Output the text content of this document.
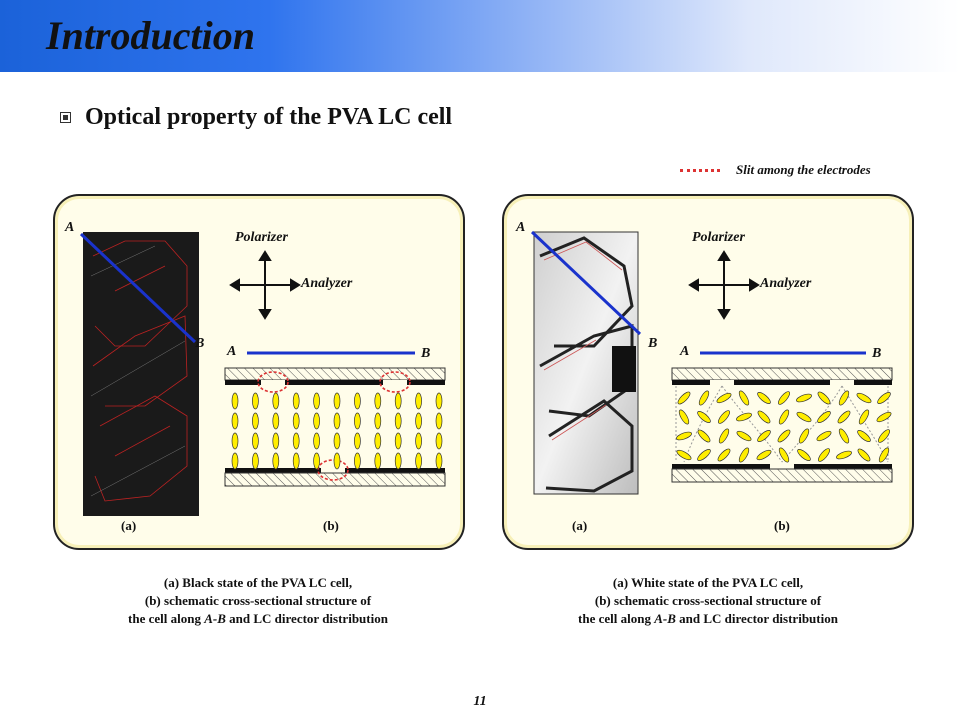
Introduction
Optical property of the PVA LC cell
Slit among the electrodes
A
B
Polarizer
Analyzer
A	B
(a)	(b)
A
B
Polarizer
Analyzer
A	B
(a)	(b)
(a) Black state of the PVA LC cell,
(b) schematic cross-sectional structure of
the cell along A-B and LC director distribution
(a) White state of the PVA LC cell,
(b) schematic cross-sectional structure of
the cell along A-B and LC director distribution
11
